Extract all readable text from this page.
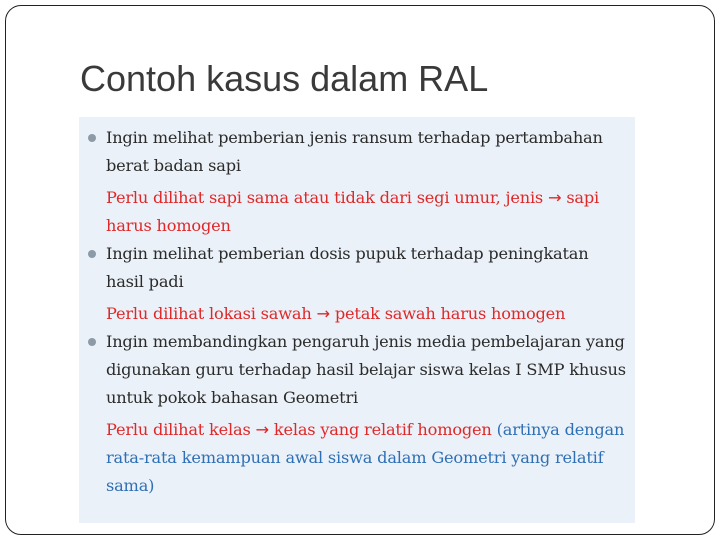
Contoh kasus dalam RAL
Ingin melihat pemberian jenis ransum terhadap pertambahan berat badan sapi
Perlu dilihat sapi sama atau tidak dari segi umur, jenis → sapi harus homogen
Ingin melihat pemberian dosis pupuk terhadap peningkatan hasil padi
Perlu dilihat lokasi sawah → petak sawah harus homogen
Ingin membandingkan pengaruh jenis media pembelajaran yang digunakan guru terhadap hasil belajar siswa kelas I SMP khusus untuk pokok bahasan Geometri
Perlu dilihat kelas → kelas yang relatif homogen (artinya dengan rata-rata kemampuan awal siswa dalam Geometri yang relatif sama)
